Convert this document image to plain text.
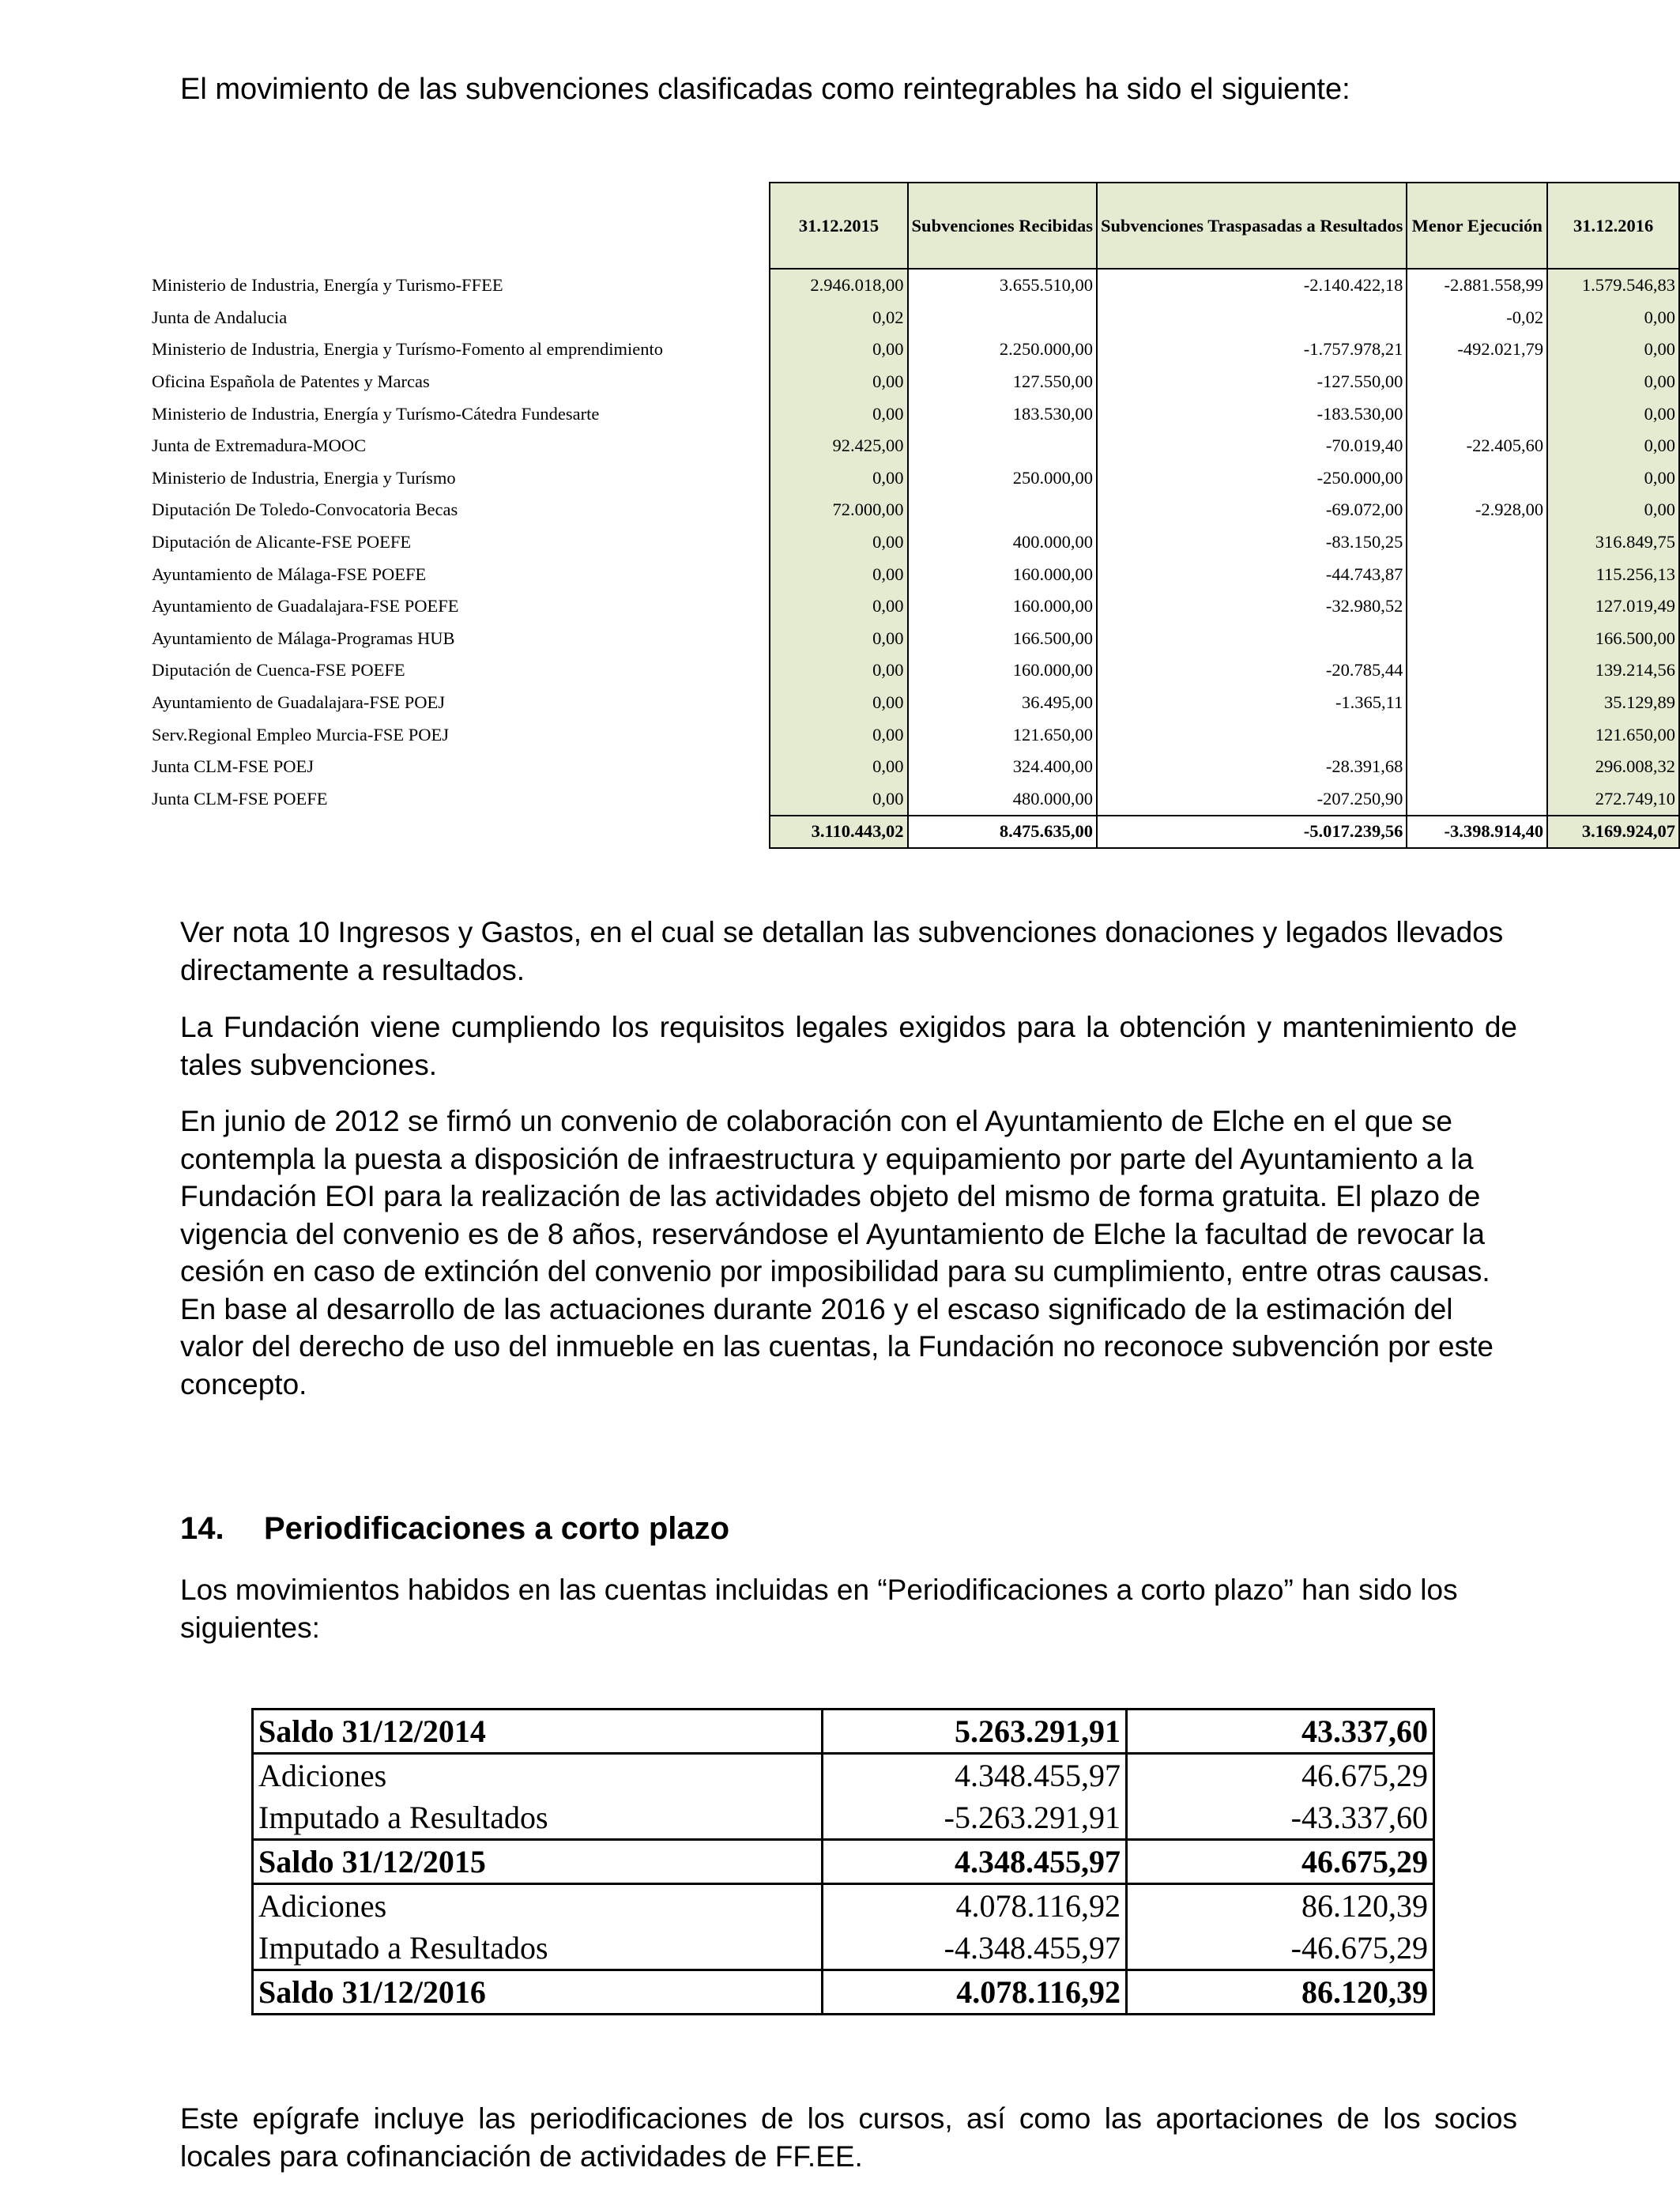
El movimiento de las subvenciones clasificadas como reintegrables ha sido el siguiente:
	31.12.2015	Subvenciones Recibidas	Subvenciones Traspasadas a Resultados	Menor Ejecución	31.12.2016
Ministerio de Industria, Energía y Turismo-FFEE	2.946.018,00	3.655.510,00	-2.140.422,18	-2.881.558,99	1.579.546,83
Junta de Andalucia	0,02			-0,02	0,00
Ministerio de Industria, Energia y Turísmo-Fomento al emprendimiento	0,00	2.250.000,00	-1.757.978,21	-492.021,79	0,00
Oficina Española de Patentes y Marcas	0,00	127.550,00	-127.550,00		0,00
Ministerio de Industria, Energía y Turísmo-Cátedra Fundesarte	0,00	183.530,00	-183.530,00		0,00
Junta de Extremadura-MOOC	92.425,00		-70.019,40	-22.405,60	0,00
Ministerio de Industria, Energia y Turísmo	0,00	250.000,00	-250.000,00		0,00
Diputación De Toledo-Convocatoria Becas	72.000,00		-69.072,00	-2.928,00	0,00
Diputación de Alicante-FSE POEFE	0,00	400.000,00	-83.150,25		316.849,75
Ayuntamiento de Málaga-FSE POEFE	0,00	160.000,00	-44.743,87		115.256,13
Ayuntamiento de Guadalajara-FSE POEFE	0,00	160.000,00	-32.980,52		127.019,49
Ayuntamiento de Málaga-Programas HUB	0,00	166.500,00			166.500,00
Diputación de Cuenca-FSE POEFE	0,00	160.000,00	-20.785,44		139.214,56
Ayuntamiento de Guadalajara-FSE POEJ	0,00	36.495,00	-1.365,11		35.129,89
Serv.Regional Empleo Murcia-FSE POEJ	0,00	121.650,00			121.650,00
Junta CLM-FSE POEJ	0,00	324.400,00	-28.391,68		296.008,32
Junta CLM-FSE POEFE	0,00	480.000,00	-207.250,90		272.749,10
	3.110.443,02	8.475.635,00	-5.017.239,56	-3.398.914,40	3.169.924,07

Ver nota 10 Ingresos y Gastos, en el cual se detallan las subvenciones donaciones y legados llevados directamente a resultados.

La Fundación viene cumpliendo los requisitos legales exigidos para la obtención y mantenimiento de tales subvenciones.

En junio de 2012 se firmó un convenio de colaboración con el Ayuntamiento de Elche en el que se contempla la puesta a disposición de infraestructura y equipamiento por parte del Ayuntamiento a la Fundación EOI para la realización de las actividades objeto del mismo de forma gratuita. El plazo de vigencia del convenio es de 8 años, reservándose el Ayuntamiento de Elche la facultad de revocar la cesión en caso de extinción del convenio por imposibilidad para su cumplimiento, entre otras causas. En base al desarrollo de las actuaciones durante 2016 y el escaso significado de la estimación del valor del derecho de uso del inmueble en las cuentas, la Fundación no reconoce subvención por este concepto.

14. Periodificaciones a corto plazo

Los movimientos habidos en las cuentas incluidas en “Periodificaciones a corto plazo” han sido los siguientes:

Saldo 31/12/2014	5.263.291,91	43.337,60
Adiciones	4.348.455,97	46.675,29
Imputado a Resultados	-5.263.291,91	-43.337,60
Saldo 31/12/2015	4.348.455,97	46.675,29
Adiciones	4.078.116,92	86.120,39
Imputado a Resultados	-4.348.455,97	-46.675,29
Saldo 31/12/2016	4.078.116,92	86.120,39

Este epígrafe incluye las periodificaciones de los cursos, así como las aportaciones de los socios locales para cofinanciación de actividades de FF.EE.
